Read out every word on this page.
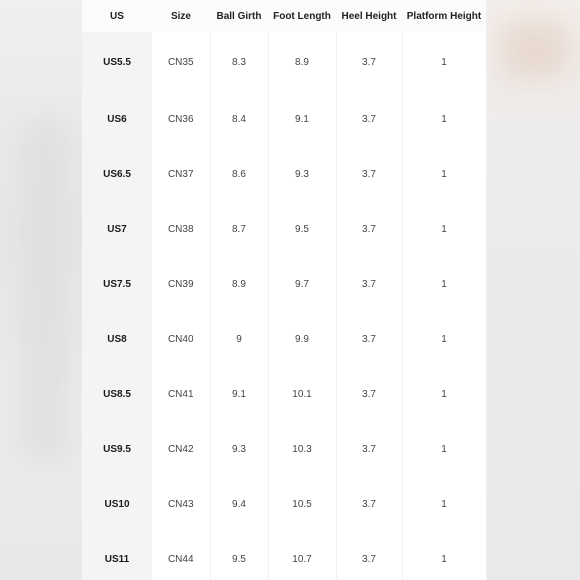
US	Size	Ball Girth	Foot Length	Heel Height	Platform Height
US5.5	CN35	8.3	8.9	3.7	1
US6	CN36	8.4	9.1	3.7	1
US6.5	CN37	8.6	9.3	3.7	1
US7	CN38	8.7	9.5	3.7	1
US7.5	CN39	8.9	9.7	3.7	1
US8	CN40	9	9.9	3.7	1
US8.5	CN41	9.1	10.1	3.7	1
US9.5	CN42	9.3	10.3	3.7	1
US10	CN43	9.4	10.5	3.7	1
US11	CN44	9.5	10.7	3.7	1
